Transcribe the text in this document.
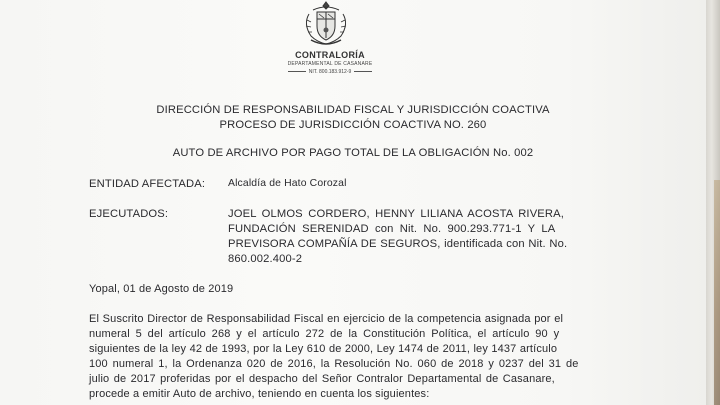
CONTRALORÍA
DEPARTAMENTAL DE CASANARE
NIT. 800.183.912-9
DIRECCIÓN DE RESPONSABILIDAD FISCAL Y JURISDICCIÓN COACTIVA
PROCESO DE JURISDICCIÓN COACTIVA NO. 260
AUTO DE ARCHIVO POR PAGO TOTAL DE LA OBLIGACIÓN No. 002
ENTIDAD AFECTADA: Alcaldía de Hato Corozal
EJECUTADOS:	JOEL OLMOS CORDERO, HENNY LILIANA ACOSTA RIVERA,
FUNDACIÓN SERENIDAD con Nit. No. 900.293.771-1 Y LA
PREVISORA COMPAÑÍA DE SEGUROS, identificada con Nit. No.
860.002.400-2
Yopal, 01 de Agosto de 2019
El Suscrito Director de Responsabilidad Fiscal en ejercicio de la competencia asignada por el
numeral 5 del artículo 268 y el artículo 272 de la Constitución Política, el artículo 90 y
siguientes de la ley 42 de 1993, por la Ley 610 de 2000, Ley 1474 de 2011, ley 1437 artículo
100 numeral 1, la Ordenanza 020 de 2016, la Resolución No. 060 de 2018 y 0237 del 31 de
julio de 2017 proferidas por el despacho del Señor Contralor Departamental de Casanare,
procede a emitir Auto de archivo, teniendo en cuenta los siguientes:
